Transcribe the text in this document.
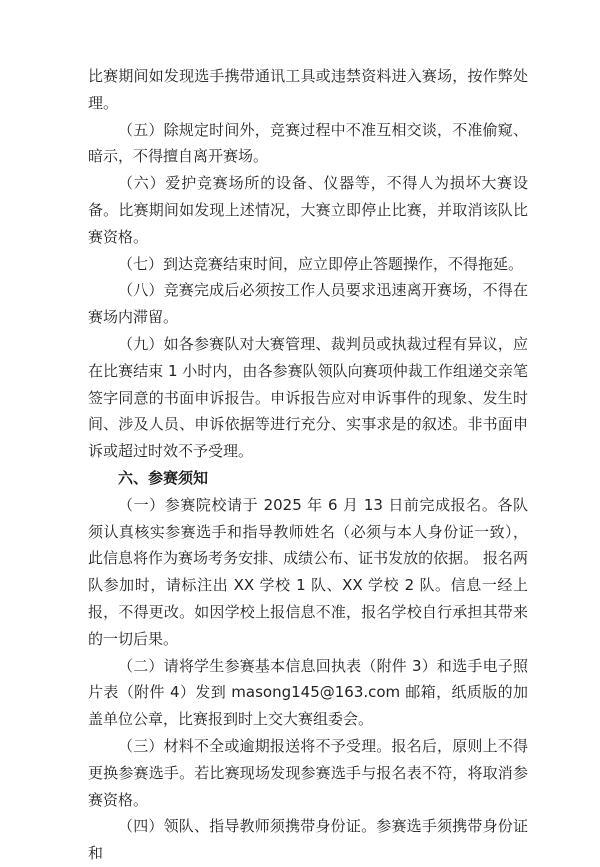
比赛期间如发现选手携带通讯工具或违禁资料进入赛场，按作弊处理。

（五）除规定时间外，竞赛过程中不准互相交谈，不准偷窥、暗示，不得擅自离开赛场。

（六）爱护竞赛场所的设备、仪器等，不得人为损坏大赛设备。比赛期间如发现上述情况，大赛立即停止比赛，并取消该队比赛资格。

（七）到达竞赛结束时间，应立即停止答题操作，不得拖延。

（八）竞赛完成后必须按工作人员要求迅速离开赛场，不得在赛场内滞留。

（九）如各参赛队对大赛管理、裁判员或执裁过程有异议，应在比赛结束 1 小时内，由各参赛队领队向赛项仲裁工作组递交亲笔签字同意的书面申诉报告。申诉报告应对申诉事件的现象、发生时间、涉及人员、申诉依据等进行充分、实事求是的叙述。非书面申诉或超过时效不予受理。

六、参赛须知

（一）参赛院校请于 2025 年 6 月 13 日前完成报名。各队须认真核实参赛选手和指导教师姓名（必须与本人身份证一致），此信息将作为赛场考务安排、成绩公布、证书发放的依据。 报名两队参加时，请标注出 XX 学校 1 队、XX 学校 2 队。信息一经上报，不得更改。如因学校上报信息不准，报名学校自行承担其带来的一切后果。

（二）请将学生参赛基本信息回执表（附件 3）和选手电子照片表（附件 4）发到 masong145@163.com 邮箱，纸质版的加盖单位公章，比赛报到时上交大赛组委会。

（三）材料不全或逾期报送将不予受理。报名后，原则上不得更换参赛选手。若比赛现场发现参赛选手与报名表不符，将取消参赛资格。

（四）领队、指导教师须携带身份证。参赛选手须携带身份证和
